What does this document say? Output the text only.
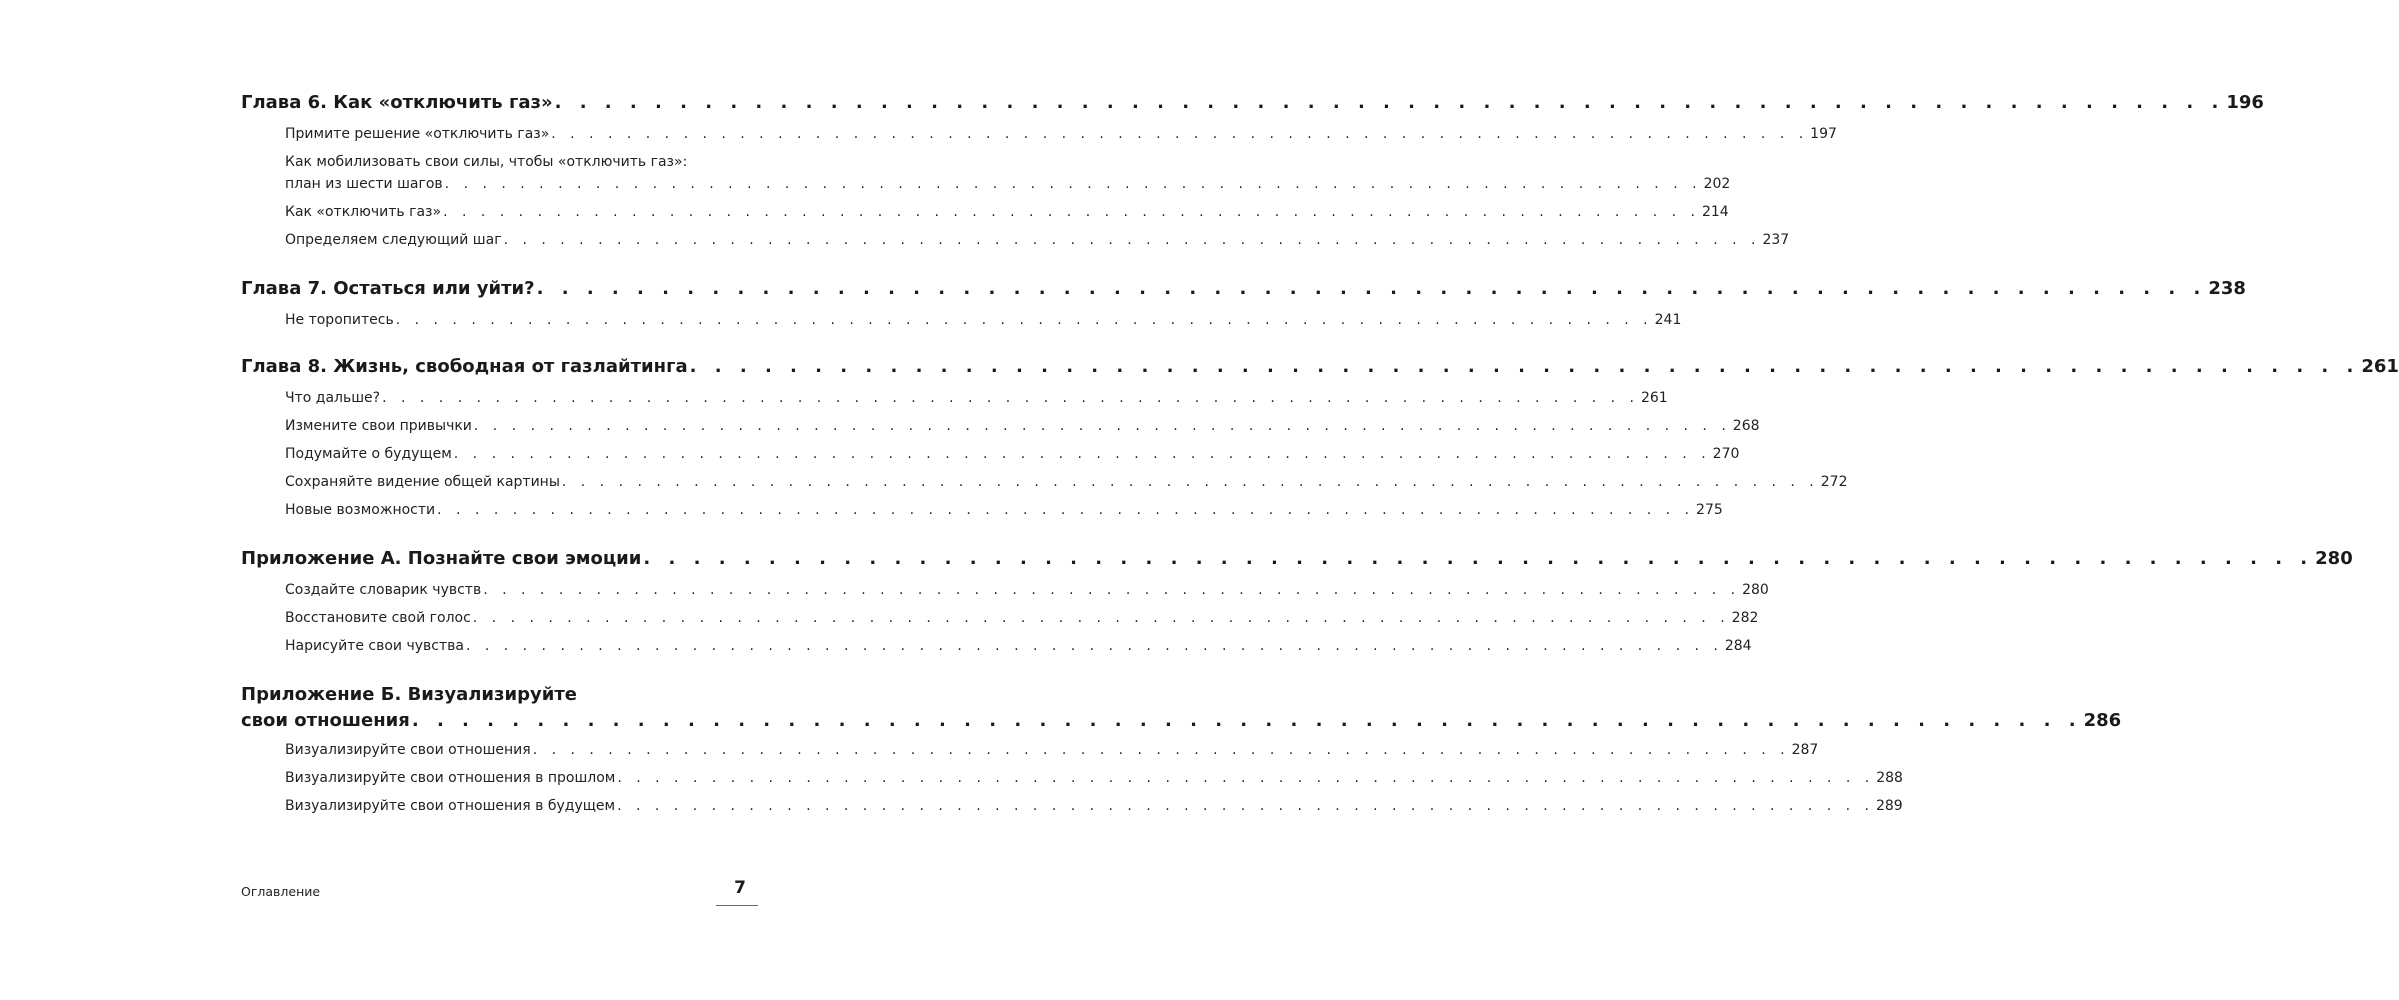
Глава 6. Как «отключить газ» . . . . . . . . . . . . . . . . . . . . . . . . . . . . . . . . . . . . . . . . . . . . . . . . . . . . . . . . . . . . . . . . . . . 196
Примите решение «отключить газ» . . . . . . . . . . . . . . . . . . . . . . . . . . . . . . . . . . . . . . . . . . . . . . . . . . . . . . . . . . . . . . . . . . . 197
Как мобилизовать свои силы, чтобы «отключить газ»:
план из шести шагов . . . . . . . . . . . . . . . . . . . . . . . . . . . . . . . . . . . . . . . . . . . . . . . . . . . . . . . . . . . . . . . . . . . 202
Как «отключить газ» . . . . . . . . . . . . . . . . . . . . . . . . . . . . . . . . . . . . . . . . . . . . . . . . . . . . . . . . . . . . . . . . . . . 214
Определяем следующий шаг . . . . . . . . . . . . . . . . . . . . . . . . . . . . . . . . . . . . . . . . . . . . . . . . . . . . . . . . . . . . . . . . . . . 237
Глава 7. Остаться или уйти? . . . . . . . . . . . . . . . . . . . . . . . . . . . . . . . . . . . . . . . . . . . . . . . . . . . . . . . . . . . . . . . . . . . 238
Не торопитесь . . . . . . . . . . . . . . . . . . . . . . . . . . . . . . . . . . . . . . . . . . . . . . . . . . . . . . . . . . . . . . . . . . . 241
Глава 8. Жизнь, свободная от газлайтинга . . . . . . . . . . . . . . . . . . . . . . . . . . . . . . . . . . . . . . . . . . . . . . . . . . . . . . . . . . . . . . . . . . . 261
Что дальше? . . . . . . . . . . . . . . . . . . . . . . . . . . . . . . . . . . . . . . . . . . . . . . . . . . . . . . . . . . . . . . . . . . . 261
Измените свои привычки . . . . . . . . . . . . . . . . . . . . . . . . . . . . . . . . . . . . . . . . . . . . . . . . . . . . . . . . . . . . . . . . . . . 268
Подумайте о будущем . . . . . . . . . . . . . . . . . . . . . . . . . . . . . . . . . . . . . . . . . . . . . . . . . . . . . . . . . . . . . . . . . . . 270
Сохраняйте видение общей картины . . . . . . . . . . . . . . . . . . . . . . . . . . . . . . . . . . . . . . . . . . . . . . . . . . . . . . . . . . . . . . . . . . . 272
Новые возможности . . . . . . . . . . . . . . . . . . . . . . . . . . . . . . . . . . . . . . . . . . . . . . . . . . . . . . . . . . . . . . . . . . . 275
Приложение А. Познайте свои эмоции . . . . . . . . . . . . . . . . . . . . . . . . . . . . . . . . . . . . . . . . . . . . . . . . . . . . . . . . . . . . . . . . . . . 280
Создайте словарик чувств . . . . . . . . . . . . . . . . . . . . . . . . . . . . . . . . . . . . . . . . . . . . . . . . . . . . . . . . . . . . . . . . . . . 280
Восстановите свой голос . . . . . . . . . . . . . . . . . . . . . . . . . . . . . . . . . . . . . . . . . . . . . . . . . . . . . . . . . . . . . . . . . . . 282
Нарисуйте свои чувства . . . . . . . . . . . . . . . . . . . . . . . . . . . . . . . . . . . . . . . . . . . . . . . . . . . . . . . . . . . . . . . . . . . 284
Приложение Б. Визуализируйте
свои отношения . . . . . . . . . . . . . . . . . . . . . . . . . . . . . . . . . . . . . . . . . . . . . . . . . . . . . . . . . . . . . . . . . . . 286
Визуализируйте свои отношения . . . . . . . . . . . . . . . . . . . . . . . . . . . . . . . . . . . . . . . . . . . . . . . . . . . . . . . . . . . . . . . . . . . 287
Визуализируйте свои отношения в прошлом . . . . . . . . . . . . . . . . . . . . . . . . . . . . . . . . . . . . . . . . . . . . . . . . . . . . . . . . . . . . . . . . . . . 288
Визуализируйте свои отношения в будущем . . . . . . . . . . . . . . . . . . . . . . . . . . . . . . . . . . . . . . . . . . . . . . . . . . . . . . . . . . . . . . . . . . . 289
Оглавление	7
